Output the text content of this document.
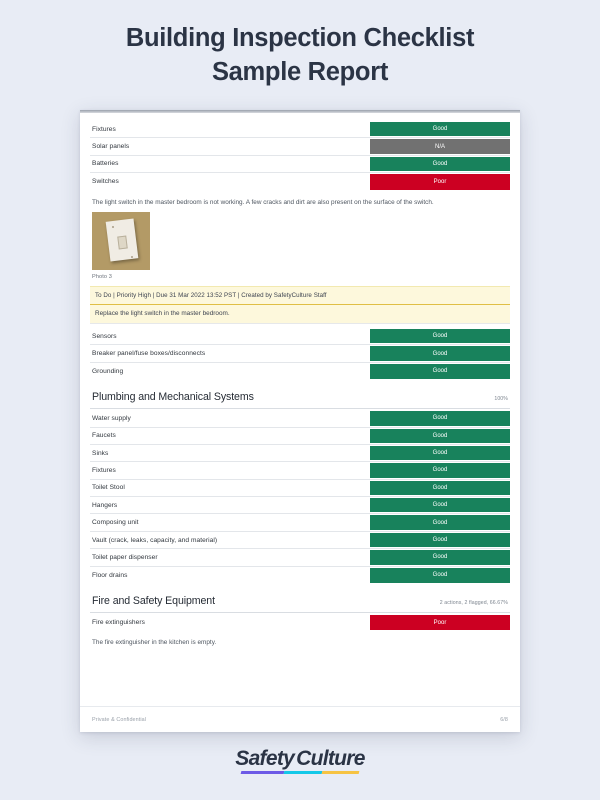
Building Inspection Checklist
Sample Report
Fixtures	Good
Solar panels	N/A
Batteries	Good
Switches	Poor
The light switch in the master bedroom is not working. A few cracks and dirt are also present on the surface of the switch.
Photo 3
To Do | Priority High | Due 31 Mar 2022 13:52 PST | Created by SafetyCulture Staff
Replace the light switch in the master bedroom.
Sensors	Good
Breaker panel/fuse boxes/disconnects	Good
Grounding	Good
Plumbing and Mechanical Systems	100%
Water supply	Good
Faucets	Good
Sinks	Good
Fixtures	Good
Toilet Stool	Good
Hangers	Good
Composing unit	Good
Vault (crack, leaks, capacity, and material)	Good
Toilet paper dispenser	Good
Floor drains	Good
Fire and Safety Equipment	2 actions, 2 flagged, 66.67%
Fire extinguishers	Poor
The fire extinguisher in the kitchen is empty.
Private & Confidential	6/8
SafetyCulture
